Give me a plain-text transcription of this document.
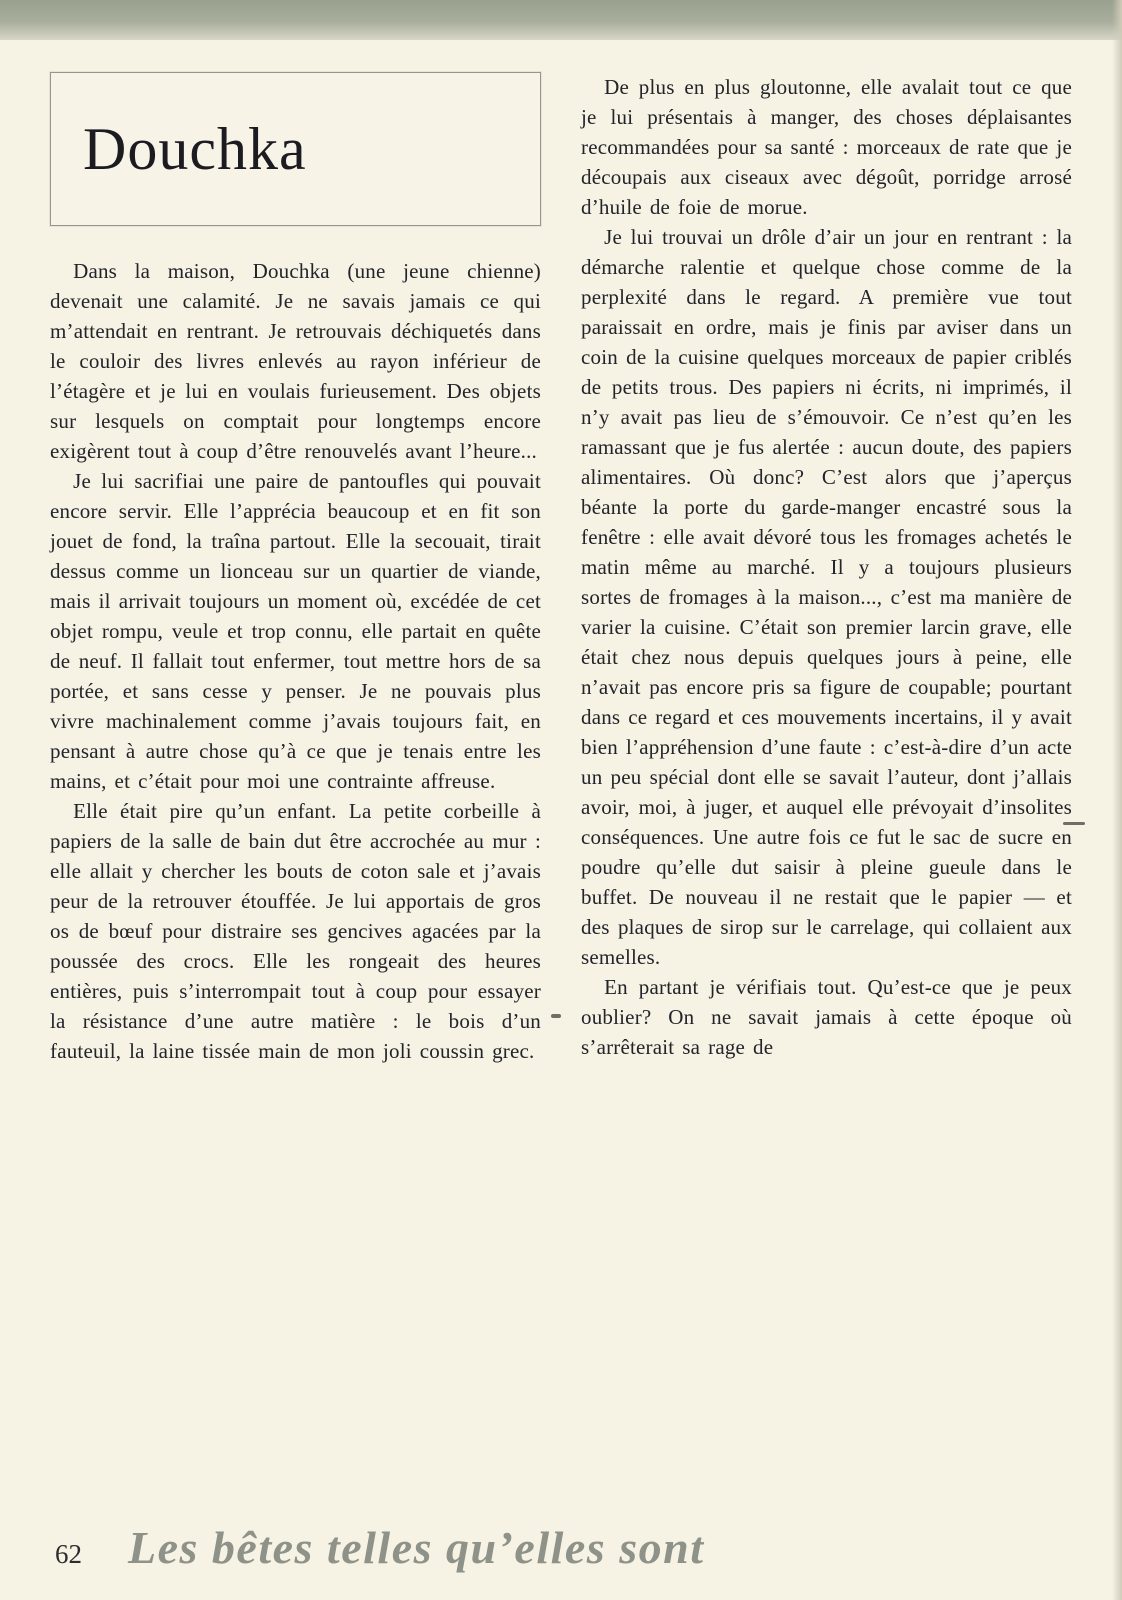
Douchka

Dans la maison, Douchka (une jeune chienne) devenait une calamité. Je ne savais jamais ce qui m’attendait en rentrant. Je retrouvais déchiquetés dans le couloir des livres enlevés au rayon inférieur de l’étagère et je lui en voulais furieusement. Des objets sur lesquels on comptait pour longtemps encore exigèrent tout à coup d’être renouvelés avant l’heure...

Je lui sacrifiai une paire de pantoufles qui pouvait encore servir. Elle l’apprécia beaucoup et en fit son jouet de fond, la traîna partout. Elle la secouait, tirait dessus comme un lionceau sur un quartier de viande, mais il arrivait toujours un moment où, excédée de cet objet rompu, veule et trop connu, elle partait en quête de neuf. Il fallait tout enfermer, tout mettre hors de sa portée, et sans cesse y penser. Je ne pouvais plus vivre machinalement comme j’avais toujours fait, en pensant à autre chose qu’à ce que je tenais entre les mains, et c’était pour moi une contrainte affreuse.

Elle était pire qu’un enfant. La petite corbeille à papiers de la salle de bain dut être accrochée au mur : elle allait y chercher les bouts de coton sale et j’avais peur de la retrouver étouffée. Je lui apportais de gros os de bœuf pour distraire ses gencives agacées par la poussée des crocs. Elle les rongeait des heures entières, puis s’interrompait tout à coup pour essayer la résistance d’une autre matière : le bois d’un fauteuil, la laine tissée main de mon joli coussin grec.

De plus en plus gloutonne, elle avalait tout ce que je lui présentais à manger, des choses déplaisantes recommandées pour sa santé : morceaux de rate que je découpais aux ciseaux avec dégoût, porridge arrosé d’huile de foie de morue.

Je lui trouvai un drôle d’air un jour en rentrant : la démarche ralentie et quelque chose comme de la perplexité dans le regard. A première vue tout paraissait en ordre, mais je finis par aviser dans un coin de la cuisine quelques morceaux de papier criblés de petits trous. Des papiers ni écrits, ni imprimés, il n’y avait pas lieu de s’émouvoir. Ce n’est qu’en les ramassant que je fus alertée : aucun doute, des papiers alimentaires. Où donc? C’est alors que j’aperçus béante la porte du garde-manger encastré sous la fenêtre : elle avait dévoré tous les fromages achetés le matin même au marché. Il y a toujours plusieurs sortes de fromages à la maison..., c’est ma manière de varier la cuisine. C’était son premier larcin grave, elle était chez nous depuis quelques jours à peine, elle n’avait pas encore pris sa figure de coupable; pourtant dans ce regard et ces mouvements incertains, il y avait bien l’appréhension d’une faute : c’est-à-dire d’un acte un peu spécial dont elle se savait l’auteur, dont j’allais avoir, moi, à juger, et auquel elle prévoyait d’insolites conséquences. Une autre fois ce fut le sac de sucre en poudre qu’elle dut saisir à pleine gueule dans le buffet. De nouveau il ne restait que le papier — et des plaques de sirop sur le carrelage, qui collaient aux semelles.

En partant je vérifiais tout. Qu’est-ce que je peux oublier? On ne savait jamais à cette époque où s’arrêterait sa rage de

62 Les bêtes telles qu’elles sont
